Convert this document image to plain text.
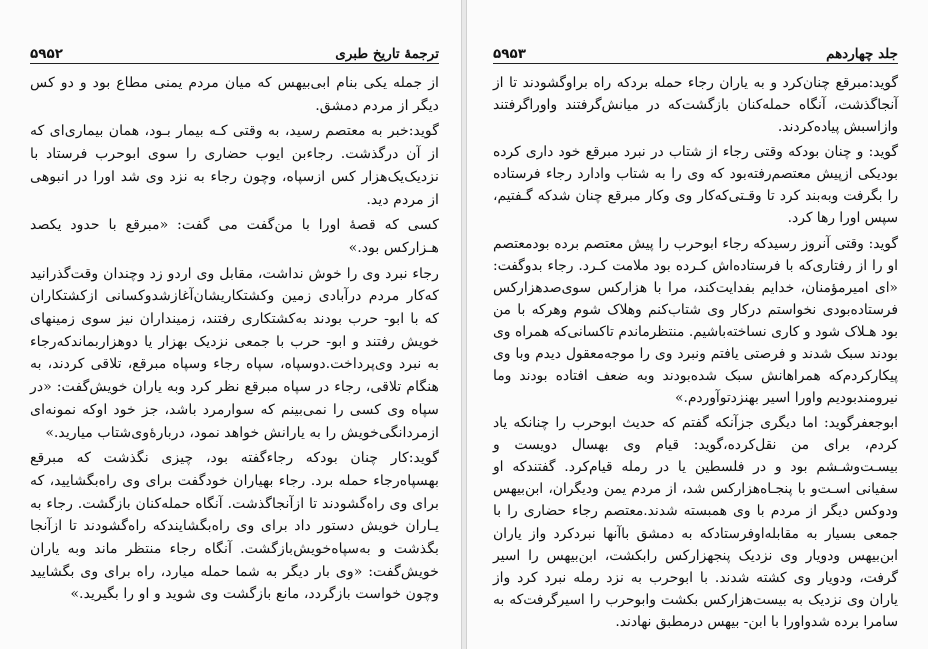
۵۹۵۲	ترجمهٔ تاریخ طبری

از جمله یکی بنام ابی‌بیهس که میان مردم یمنی مطاع بود و دو کس دیگر از مردم دمشق.

گوید:خبر به معتصم رسید، به وقتی کـه بیمار بـود، همان بیماری‌ای که از آن درگذشت. رجاءبن ایوب حضاری را سوی ابوحرب فرستاد با نزدیک‌یک‌هزار کس ازسپاه، وچون رجاء به نزد وی شد اورا در انبوهی از مردم دید.

کسی که قصهٔ اورا با من‌گفت می گفت: «مبرقع با حدود یکصد هـزارکس بود.»

رجاء نبرد وی را خوش نداشت، مقابل وی اردو زد وچندان وقت‌گذرانید که‌کار مردم درآبادی زمین وکشتکاریشان‌آغازشدوکسانی ازکشتکاران که با ابو- حرب بودند به‌کشتکاری رفتند، زمینداران نیز سوی زمینهای خویش رفتند و ابو- حرب با جمعی نزدیک بهزار یا دوهزاربماندکه‌رجاء به نبرد وی‌پرداخت.دوسپاه، سپاه رجاء وسپاه مبرقع، تلاقی کردند، به هنگام تلاقی، رجاء در سپاه مبرقع نظر کرد وبه یاران خویش‌گفت: «در سپاه وی کسی را نمی‌بینم که سوارمرد باشد، جز خود اوکه نمونه‌ای ازمردانگی‌خویش را به یارانش خواهد نمود، دربارۀوی‌شتاب میارید.»

گوید:کار چنان بودکه رجاءگفته بود، چیزی نگذشت که مبرقع بهسپاه‌رجاء حمله برد. رجاء بهیاران خودگفت برای وی راه‌بگشایید، که برای وی راه‌گشودند تا ازآنجا‌گذشت. آنگاه حمله‌کنان بازگشت. رجاء به یـاران خویش دستور داد برای وی راه‌بگشایندکه راه‌گشودند تا ازآنجا بگذشت و به‌سپاه‌خویش‌بازگشت. آنگاه رجاء منتظر ماند وبه یاران خویش‌گفت: «وی بار دیگر به شما حمله میارد، راه برای وی بگشایید وچون خواست بازگردد، مانع بازگشت وی شوید و او را بگیرید.»

۵۹۵۳	جلد چهاردهم

گوید:مبرقع چنان‌کرد و به یاران رجاء حمله بردکه راه براوگشودند تا از آنجاگذشت، آنگاه حمله‌کنان بازگشت‌که در میانش‌گرفتند واورا‌گرفتند وازاسبش پیاده‌کردند.

گوید: و چنان بودکه وقتی رجاء از شتاب در نبرد مبرقع خود داری کرده بودیکی ازپیش معتصم‌رفته‌بود که وی را به شتاب وادارد رجاء فرستاده را بگرفت وبه‌بند کرد تا وقـتی‌که‌کار وی وکار مبرقع چنان شدکه‌ گـفتیم، سپس اورا رها کرد.

گوید: وقتی آنروز رسیدکه رجاء ابوحرب را پیش معتصم برده بودمعتصم او را از رفتاری‌که با فرستاده‌اش کـرده بود ملامت کـرد. رجاء بدوگفت: «ای امیرمؤمنان، خدایم بفدایت‌کند، مرا با هزارکس سوی‌صدهزارکس فرستاده‌بودی نخواستم درکار وی شتاب‌کنم وهلاک شوم وهرکه با من بود هـلاک شود و کاری نساخته‌باشیم. منتظرماندم تاکسانی‌که همراه وی بودند سبک شدند و فرصتی یافتم ونبرد وی را موجه‌معقول دیدم وبا وی پیکارکردم‌که همراهانش سبک شده‌بودند وبه ضعف افتاده بودند وما نیرومندبودیم واورا اسیر بهنزدتو‌آوردم.»

ابوجعفرگوید: اما دیگری جزآنکه گفتم که حدیث ابوحرب را چنانکه یاد کردم، برای من نقل‌کرده،گوید: قیام وی بهسال دویست و بیسـت‌وشـشم بود و در فلسطین یا در رمله قیام‌کرد. گفتندکه او سفیانی اسـت‌و با پنجـاه‌هزارکس شد، از مردم یمن ودیگران، ابن‌بیهس ودوکس دیگر از مردم با وی همبسته شدند.معتصم رجاء حضاری را با جمعی بسیار به مقابله‌اوفرستادکه به دمشق باآنها نبردکرد واز یاران ابن‌بیهس ودویار وی نزدیک پنجهزارکس رابکشت، ابن‌بیهس را اسیر گرفت، ودویار وی کشته شدند. با ابوحرب به نزد رمله نبرد کرد واز یاران وی نزدیک به بیست‌هزارکس بکشت وابوحرب را اسیرگرفت‌که به سامرا برده شدواورا با ابن- بیهس درمطبق نهادند.
